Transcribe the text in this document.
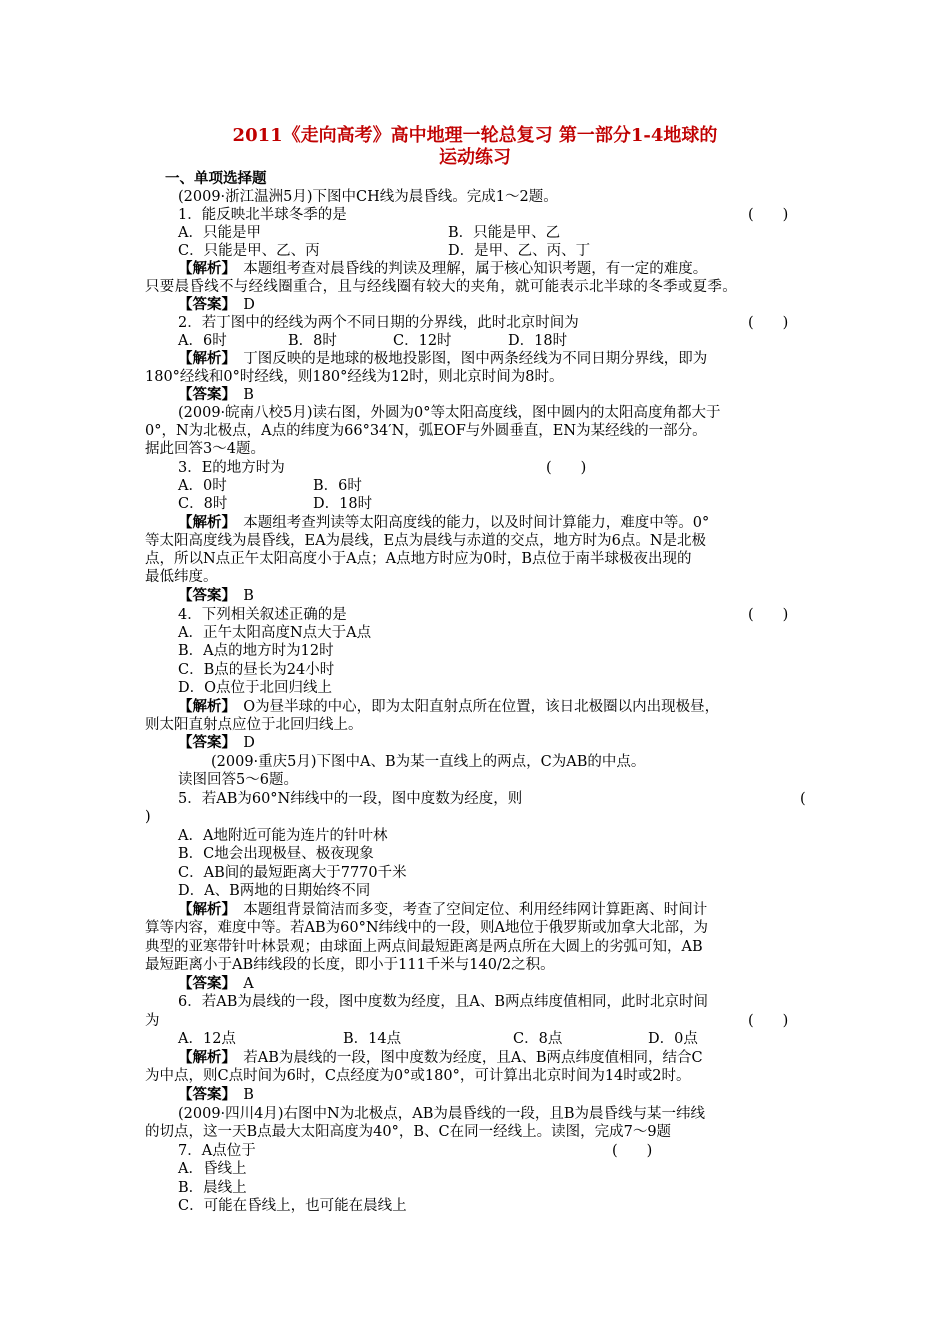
2011《走向高考》高中地理一轮总复习 第一部分1-4地球的
运动练习
一、单项选择题
(2009·浙江温洲5月)下图中CH线为晨昏线。完成1～2题。
1．能反映北半球冬季的是	(　　)
A．只能是甲	B．只能是甲、乙
C．只能是甲、乙、丙	D．是甲、乙、丙、丁
【解析】　 本题组考查对晨昏线的判读及理解，属于核心知识考题，有一定的难度。
只要晨昏线不与经线圈重合，且与经线圈有较大的夹角，就可能表示北半球的冬季或夏季。
【答案】　 D
2．若丁图中的经线为两个不同日期的分界线，此时北京时间为	(　　)
A．6时	B．8时	C．12时	D．18时
【解析】　 丁图反映的是地球的极地投影图，图中两条经线为不同日期分界线，即为
180°经线和0°时经线，则180°经线为12时，则北京时间为8时。
【答案】　 B
(2009·皖南八校5月)读右图，外圆为0°等太阳高度线，图中圆内的太阳高度角都大于
0°，N为北极点，A点的纬度为66°34′N，弧EOF与外圆垂直，EN为某经线的一部分。
据此回答3～4题。
3．E的地方时为	(　　)
A．0时	B．6时
C．8时	D．18时
【解析】　 本题组考查判读等太阳高度线的能力，以及时间计算能力，难度中等。0°
等太阳高度线为晨昏线，EA为晨线，E点为晨线与赤道的交点，地方时为6点。N是北极
点，所以N点正午太阳高度小于A点；A点地方时应为0时，B点位于南半球极夜出现的
最低纬度。
【答案】　 B
4．下列相关叙述正确的是	(　　)
A．正午太阳高度N点大于A点
B．A点的地方时为12时
C．B点的昼长为24小时
D．O点位于北回归线上
【解析】　 O为昼半球的中心，即为太阳直射点所在位置，该日北极圈以内出现极昼，
则太阳直射点应位于北回归线上。
【答案】　 D
(2009·重庆5月)下图中A、B为某一直线上的两点，C为AB的中点。
读图回答5～6题。
5．若AB为60°N纬线中的一段，图中度数为经度，则	(
)
A．A地附近可能为连片的针叶林
B．C地会出现极昼、极夜现象
C．AB间的最短距离大于7770千米
D．A、B两地的日期始终不同
【解析】　 本题组背景简洁而多变，考查了空间定位、利用经纬网计算距离、时间计
算等内容，难度中等。若AB为60°N纬线中的一段，则A地位于俄罗斯或加拿大北部，为
典型的亚寒带针叶林景观；由球面上两点间最短距离是两点所在大圆上的劣弧可知，AB
最短距离小于AB纬线段的长度，即小于111千米与140/2之积。
【答案】　 A
6．若AB为晨线的一段，图中度数为经度，且A、B两点纬度值相同，此时北京时间
为	(　　)
A．12点	B．14点	C．8点	D．0点
【解析】　 若AB为晨线的一段，图中度数为经度，且A、B两点纬度值相同，结合C
为中点，则C点时间为6时，C点经度为0°或180°，可计算出北京时间为14时或2时。
【答案】　 B
(2009·四川4月)右图中N为北极点，AB为晨昏线的一段，且B为晨昏线与某一纬线
的切点，这一天B点最大太阳高度为40°，B、C在同一经线上。读图，完成7～9题
7．A点位于	(　　)
A．昏线上
B．晨线上
C．可能在昏线上，也可能在晨线上
